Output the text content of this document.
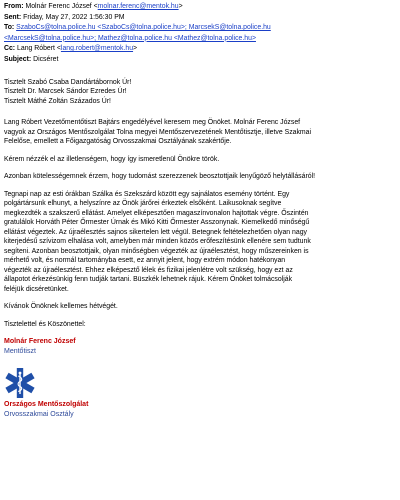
From: Molnár Ferenc József <molnar.ferenc@mentok.hu>
Sent: Friday, May 27, 2022 1:56:30 PM
To: SzaboCs@tolna.police.hu <SzaboCs@tolna.police.hu>; MarcsekS@tolna.police.hu
<MarcsekS@tolna.police.hu>; Mathez@tolna.police.hu <Mathez@tolna.police.hu>
Cc: Lang Róbert <lang.robert@mentok.hu>
Subject: Dicséret

Tisztelt Szabó Csaba Dandártábornok Úr!
Tisztelt Dr. Marcsek Sándor Ezredes Úr!
Tisztelt Máthé Zoltán Százados Úr!

Lang Róbert Vezetőmentőtiszt Bajtárs engedélyével keresem meg Önöket. Molnár Ferenc József
vagyok az Országos Mentőszolgálat Tolna megyei Mentőszervezetének Mentőtisztje, illetve Szakmai
Felelőse, emellett a Főigazgatóság Orvosszakmai Osztályának szakértője.

Kérem nézzék el az illetlenségem, hogy így ismeretlenül Önökre török.

Azonban kötelességemnek érzem, hogy tudomást szerezzenek beosztottjaik lenyűgöző helytállásáról!

Tegnapi nap az esti órákban Szálka és Szekszárd között egy sajnálatos esemény történt. Egy
polgártársunk elhunyt, a helyszínre az Önök járőrei érkeztek elsőként. Laikusoknak segítve
megkezdték a szakszerű ellátást. Amelyet elképesztően magaszínvonalon hajtottak végre. Őszintén
gratulálok Horváth Péter Őrmester Úrnak és Mikó Kitti Őrmester Asszonynak. Kiemelkedő minőségű
ellátást végeztek. Az újraélesztés sajnos sikertelen lett végül. Betegnek feltételezhetően olyan nagy
kiterjedésű szívizom elhalása volt, amelyben már minden közös erőfeszítésünk ellenére sem tudtunk
segíteni. Azonban beosztottjaik, olyan minőségben végezték az újraélesztést, hogy műszereinken is
mérhető volt, és normál tartományba esett, ez annyit jelent, hogy extrém módon hatékonyan
végezték az újraélesztést. Ehhez elképesztő lélek és fizikai jelenlétre volt szükség, hogy ezt az
állapotot érkezésünkig fenn tudják tartani. Büszkék lehetnek rájuk. Kérem Önöket tolmácsolják
feléjük dicséretünket.

Kívánok Önöknek kellemes hétvégét.

Tisztelettel és Köszönettel:

Molnár Ferenc József
Mentőtiszt
Országos Mentőszolgálat
Orvosszakmai Osztály
